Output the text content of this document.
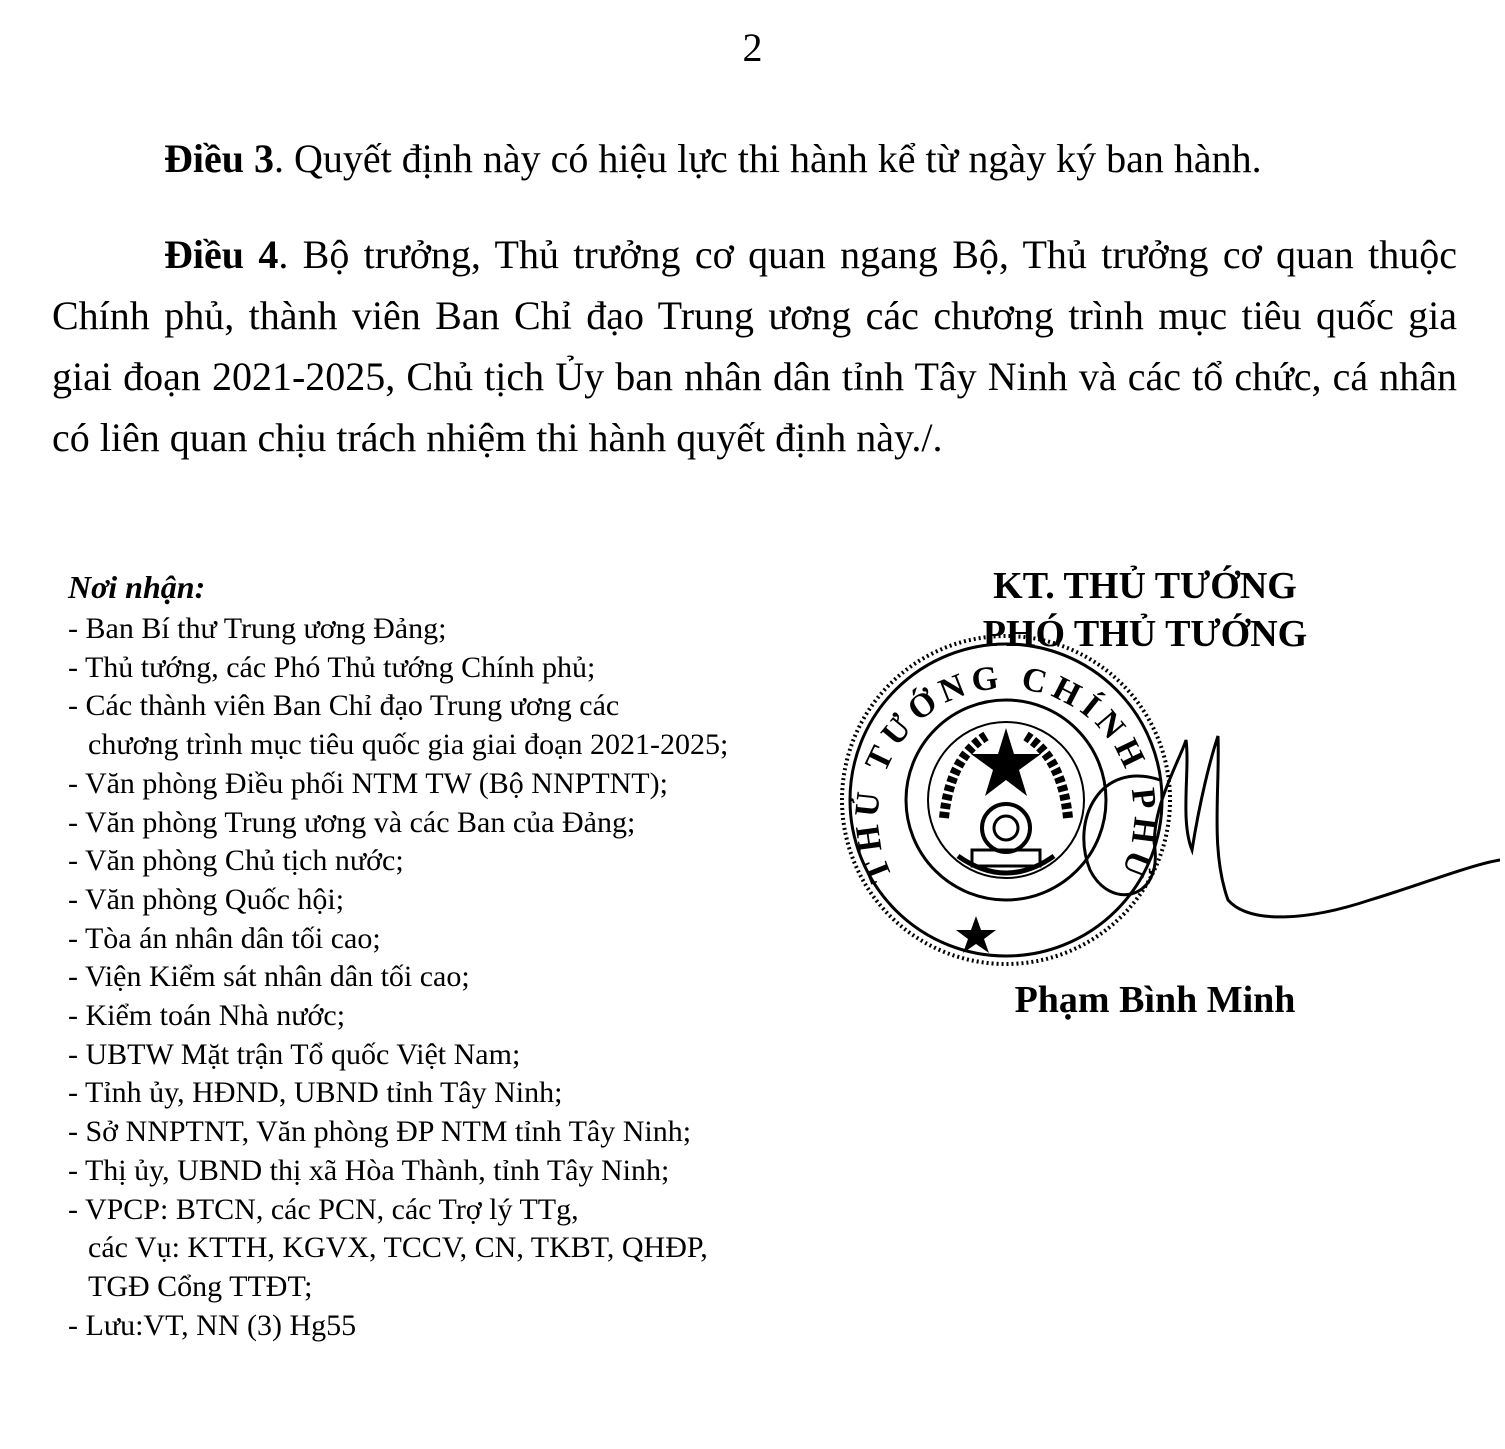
2

Điều 3. Quyết định này có hiệu lực thi hành kể từ ngày ký ban hành.

Điều 4. Bộ trưởng, Thủ trưởng cơ quan ngang Bộ, Thủ trưởng cơ quan thuộc Chính phủ, thành viên Ban Chỉ đạo Trung ương các chương trình mục tiêu quốc gia giai đoạn 2021-2025, Chủ tịch Ủy ban nhân dân tỉnh Tây Ninh và các tổ chức, cá nhân có liên quan chịu trách nhiệm thi hành quyết định này./.

Nơi nhận:

- Ban Bí thư Trung ương Đảng;
- Thủ tướng, các Phó Thủ tướng Chính phủ;
- Các thành viên Ban Chỉ đạo Trung ương các
chương trình mục tiêu quốc gia giai đoạn 2021-2025;
- Văn phòng Điều phối NTM TW (Bộ NNPTNT);
- Văn phòng Trung ương và các Ban của Đảng;
- Văn phòng Chủ tịch nước;
- Văn phòng Quốc hội;
- Tòa án nhân dân tối cao;
- Viện Kiểm sát nhân dân tối cao;
- Kiểm toán Nhà nước;
- UBTW Mặt trận Tổ quốc Việt Nam;
- Tỉnh ủy, HĐND, UBND tỉnh Tây Ninh;
- Sở NNPTNT, Văn phòng ĐP NTM tỉnh Tây Ninh;
- Thị ủy, UBND thị xã Hòa Thành, tỉnh Tây Ninh;
- VPCP: BTCN, các PCN, các Trợ lý TTg,
các Vụ: KTTH, KGVX, TCCV, CN, TKBT, QHĐP,
TGĐ Cổng TTĐT;
- Lưu:VT, NN (3) Hg55

KT. THỦ TƯỚNG

PHÓ THỦ TƯỚNG

THỦ TƯỚNG CHÍNH PHỦ

Phạm Bình Minh
